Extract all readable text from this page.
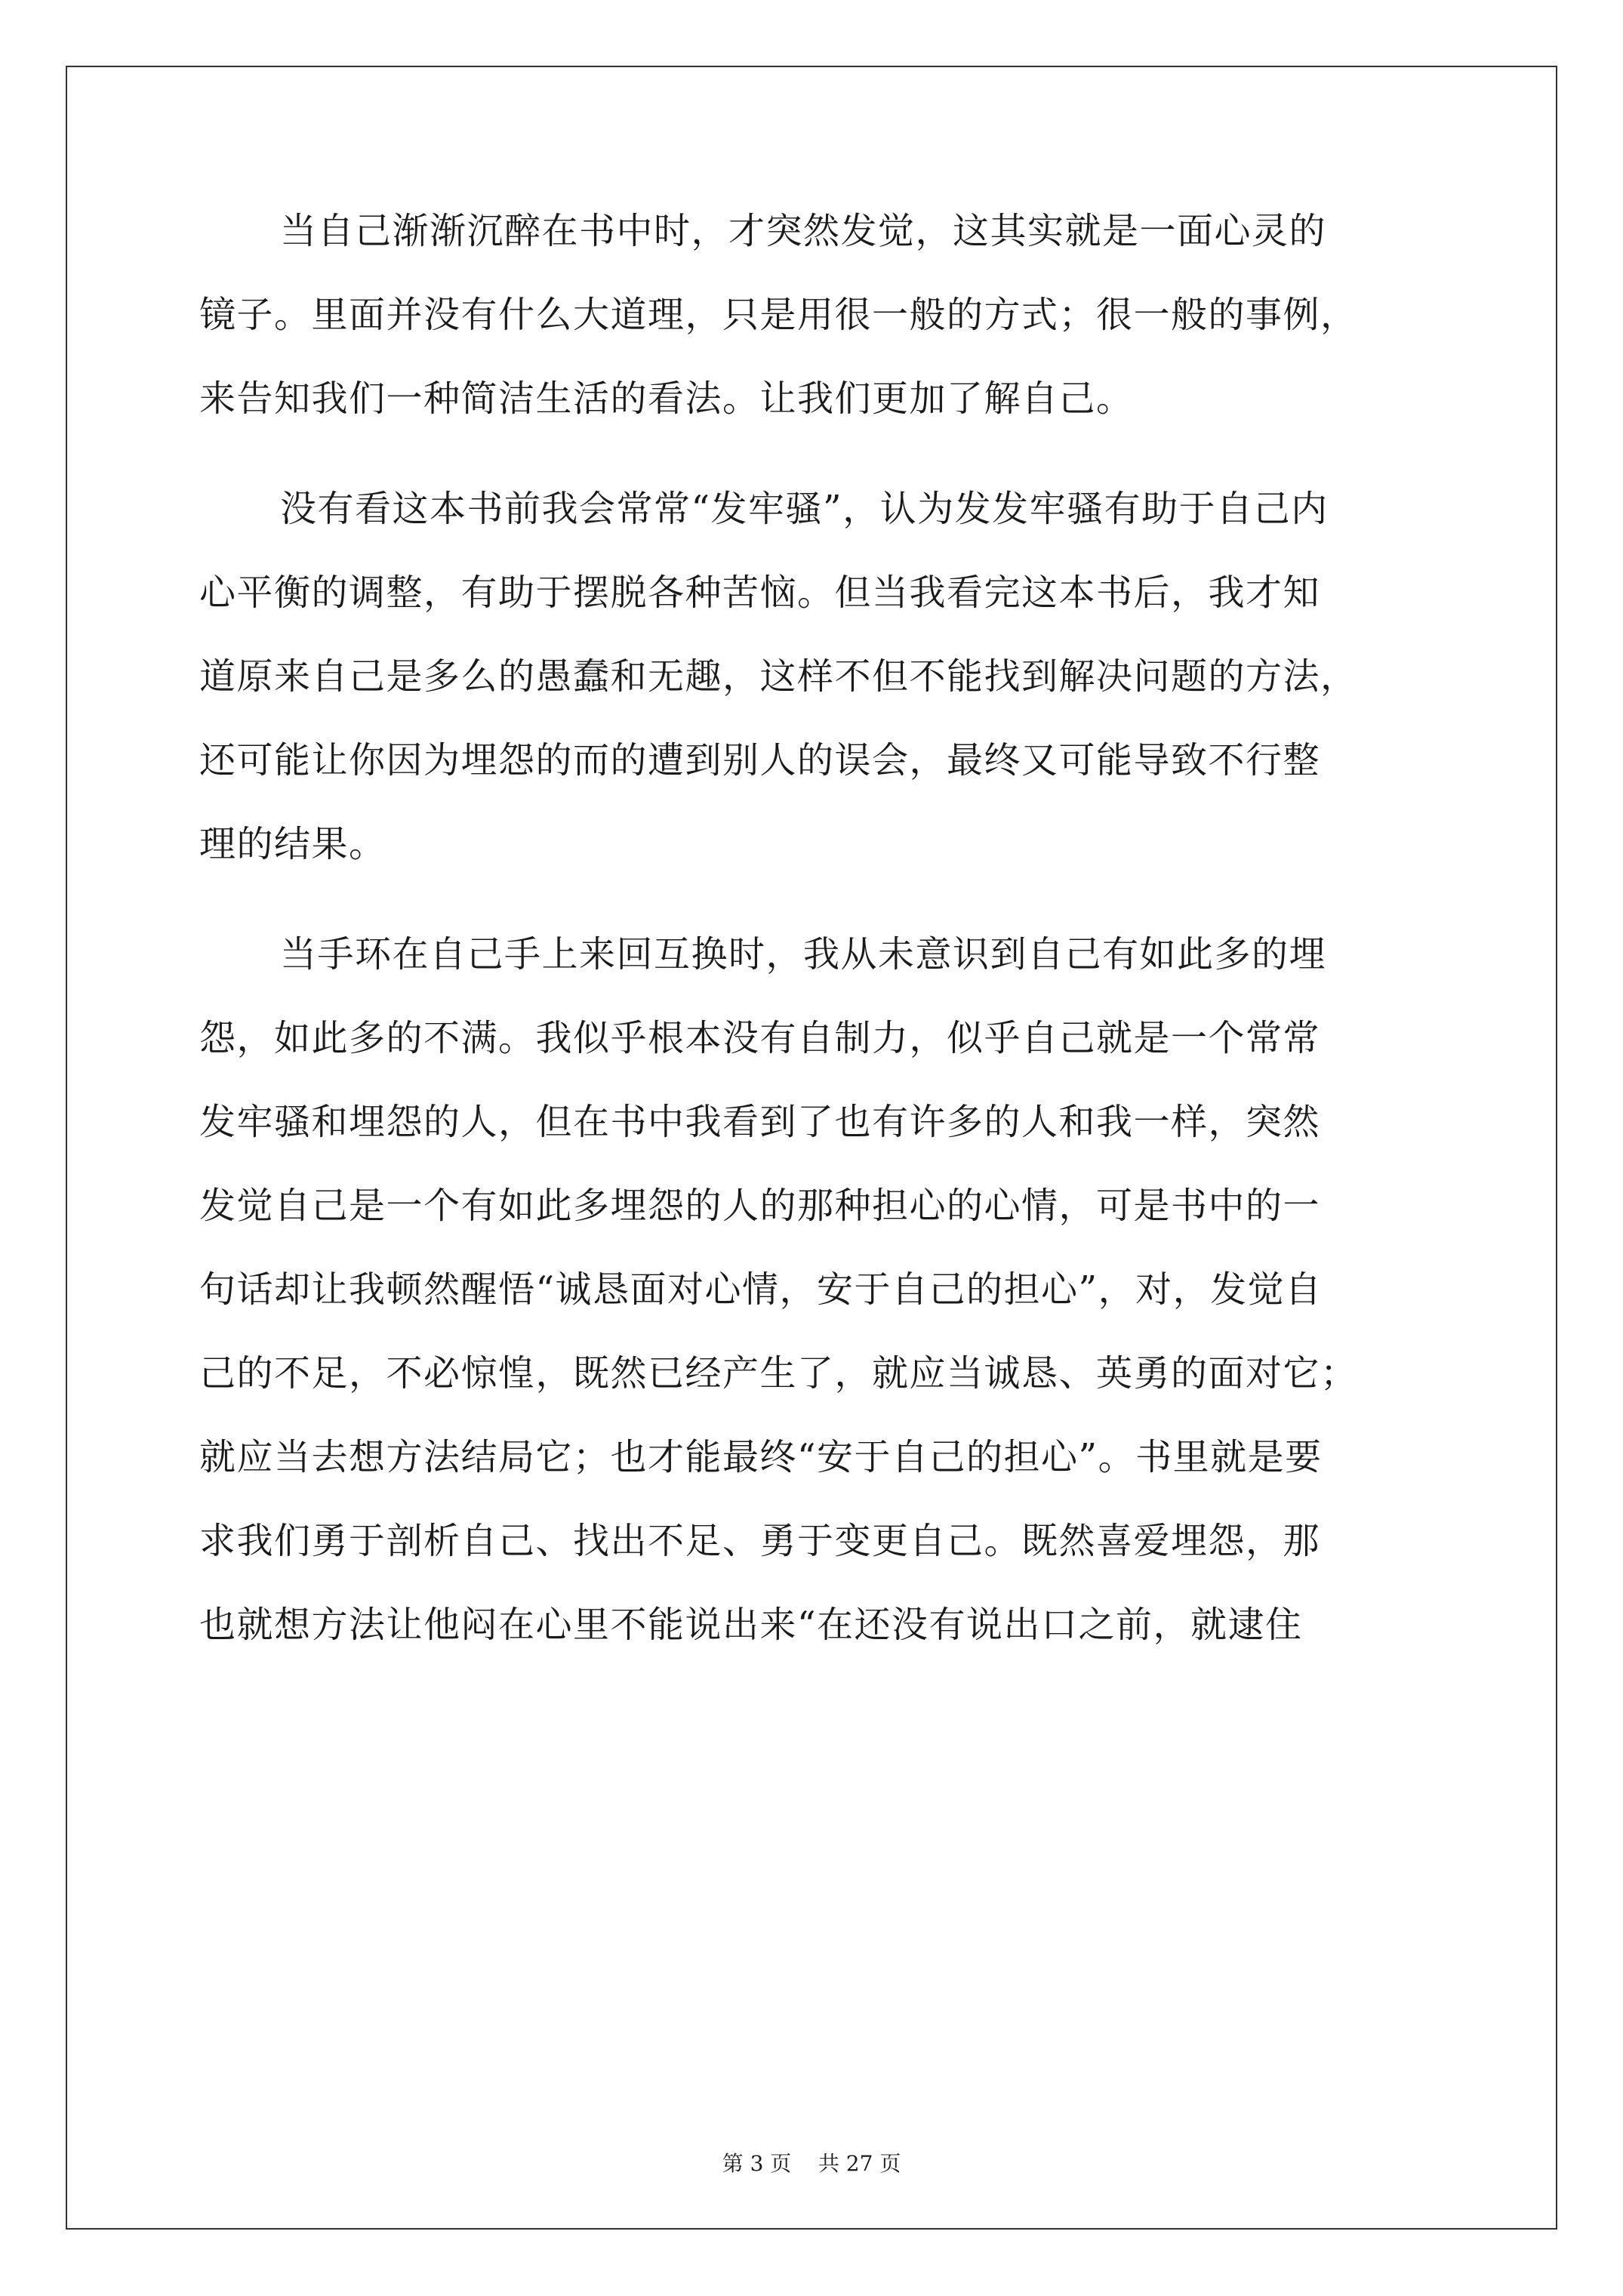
当自己渐渐沉醉在书中时，才突然发觉，这其实就是一面心灵的
镜子。里面并没有什么大道理，只是用很一般的方式；很一般的事例，
来告知我们一种简洁生活的看法。让我们更加了解自己。
没有看这本书前我会常常“发牢骚”，认为发发牢骚有助于自己内
心平衡的调整，有助于摆脱各种苦恼。但当我看完这本书后，我才知
道原来自己是多么的愚蠢和无趣，这样不但不能找到解决问题的方法，
还可能让你因为埋怨的而的遭到别人的误会，最终又可能导致不行整
理的结果。
当手环在自己手上来回互换时，我从未意识到自己有如此多的埋
怨，如此多的不满。我似乎根本没有自制力，似乎自己就是一个常常
发牢骚和埋怨的人，但在书中我看到了也有许多的人和我一样，突然
发觉自己是一个有如此多埋怨的人的那种担心的心情，可是书中的一
句话却让我顿然醒悟“诚恳面对心情，安于自己的担心”，对，发觉自
己的不足，不必惊惶，既然已经产生了，就应当诚恳、英勇的面对它；
就应当去想方法结局它；也才能最终“安于自己的担心”。书里就是要
求我们勇于剖析自己、找出不足、勇于变更自己。既然喜爱埋怨，那
也就想方法让他闷在心里不能说出来“在还没有说出口之前，就逮住
第 3 页    共 27 页
